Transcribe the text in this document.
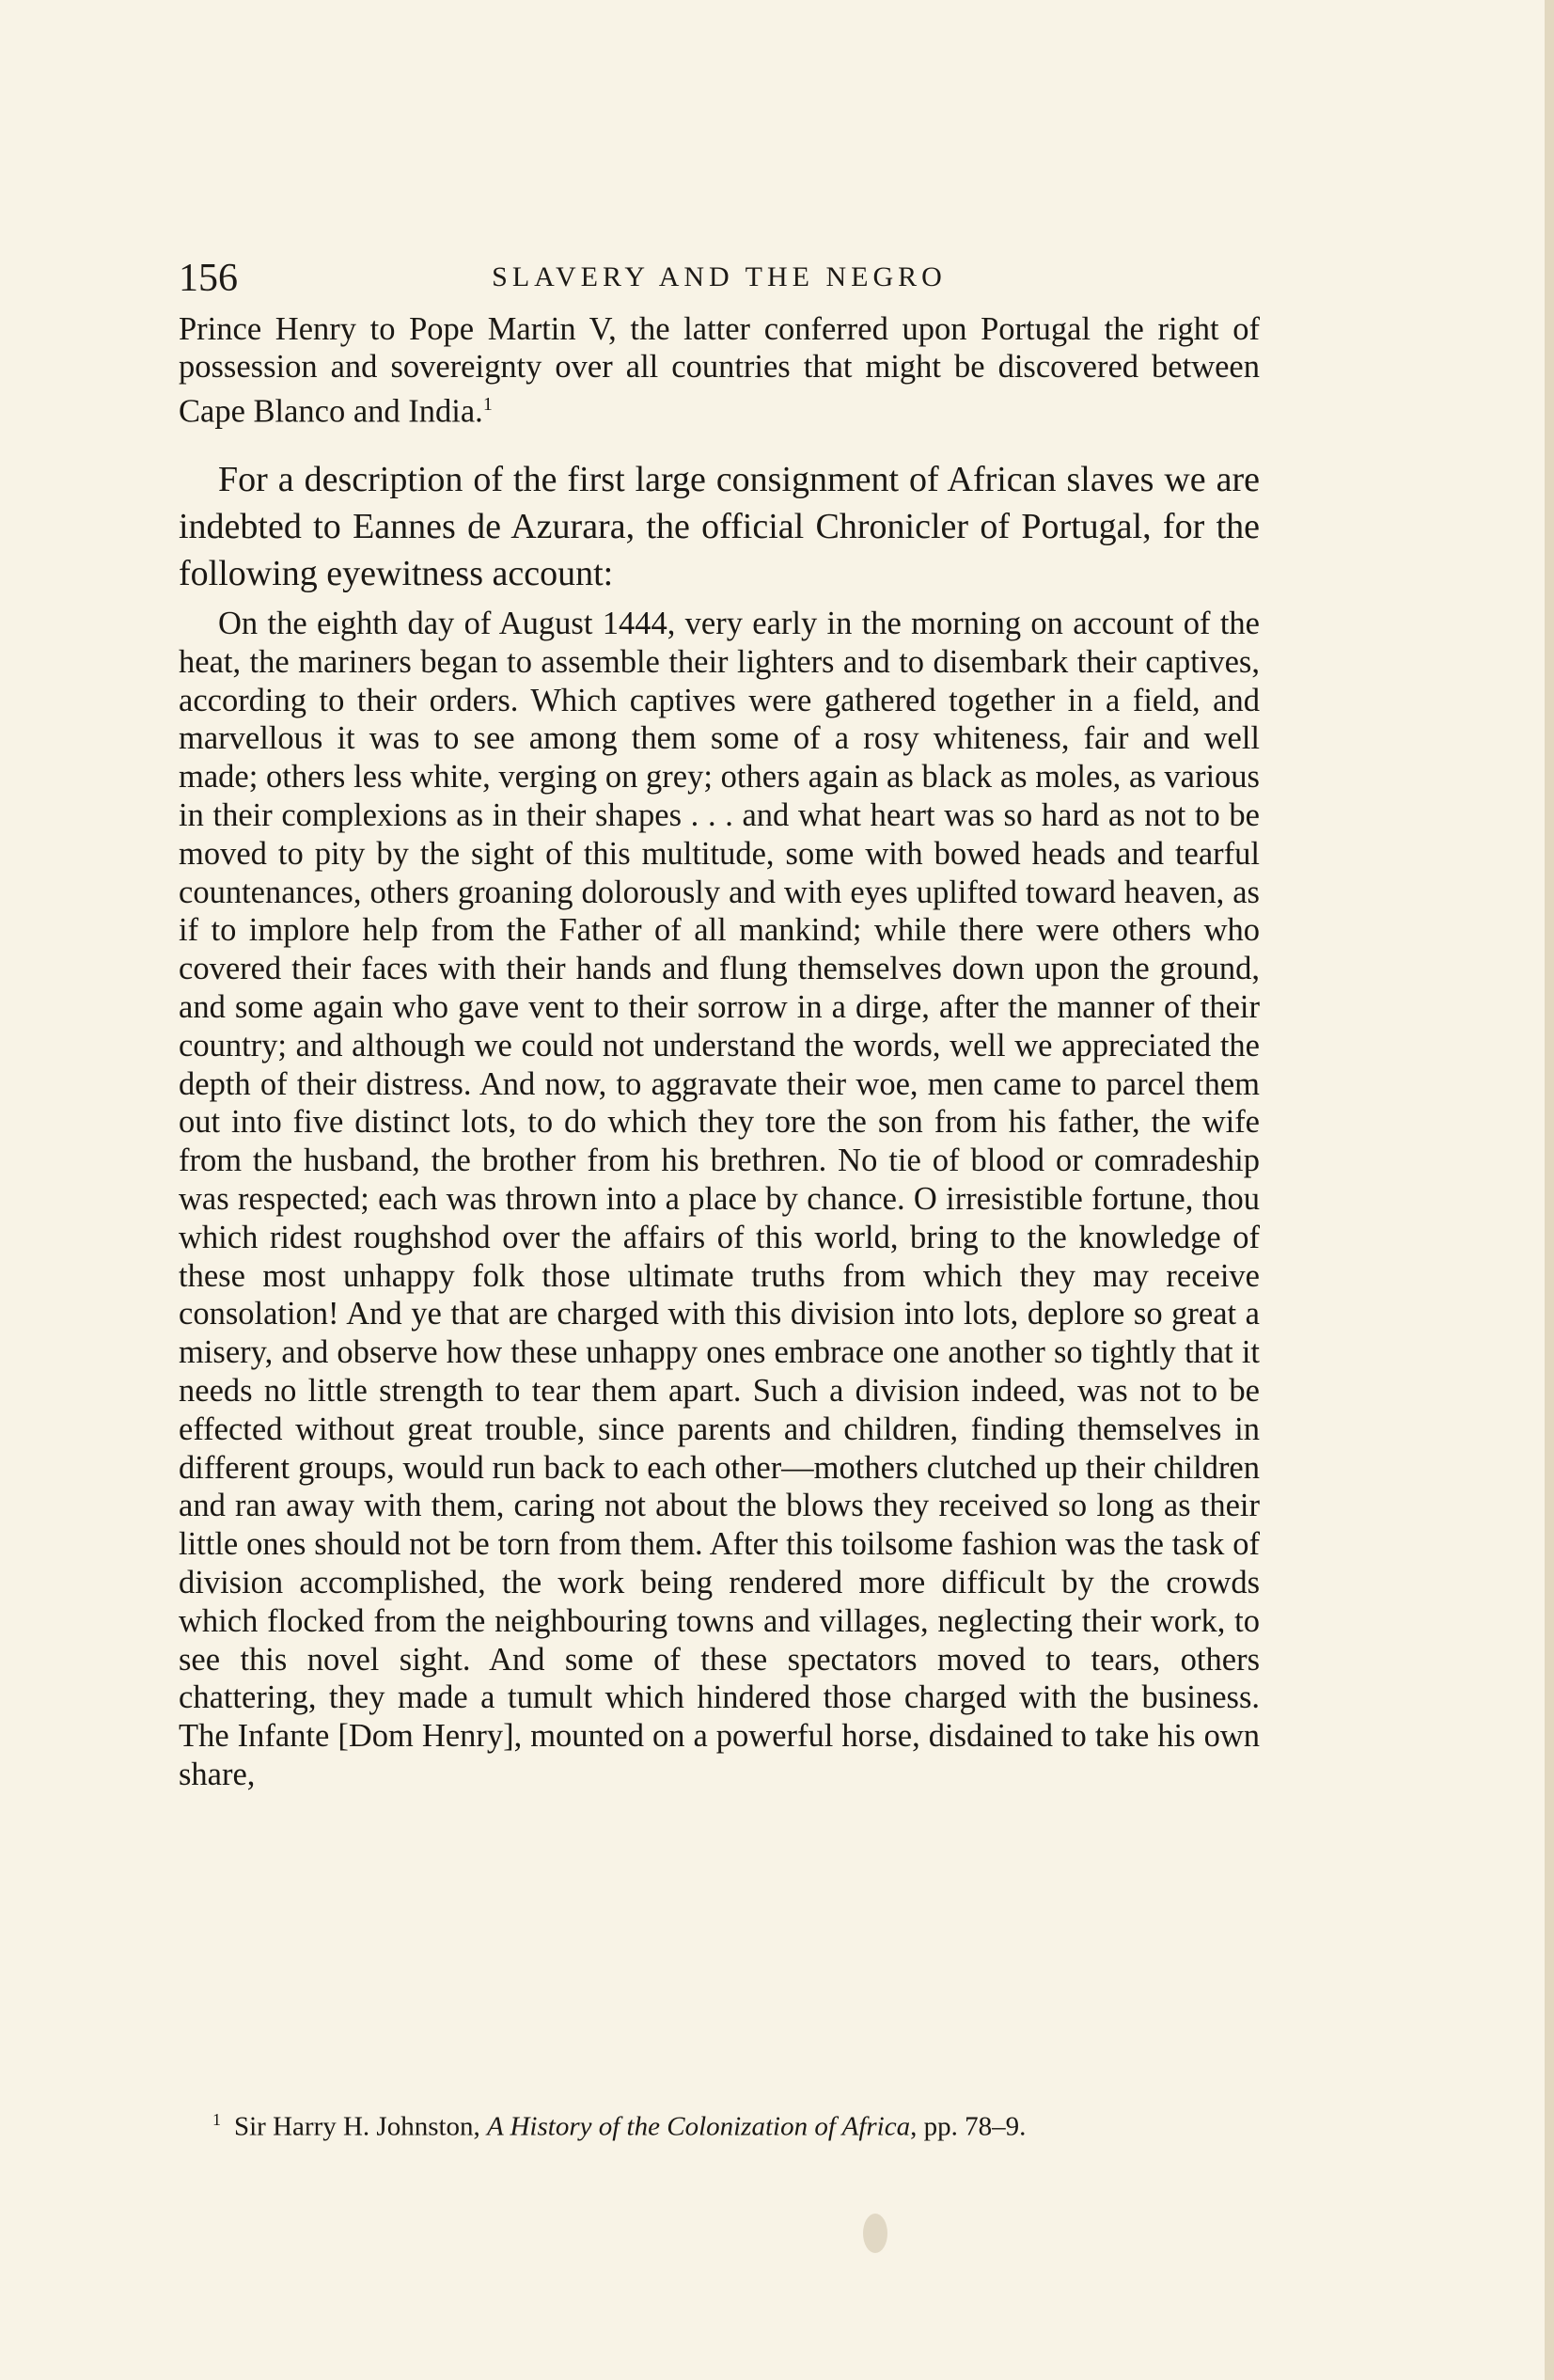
156	SLAVERY AND THE NEGRO

Prince Henry to Pope Martin V, the latter conferred upon Portugal the right of possession and sovereignty over all countries that might be discovered between Cape Blanco and India.$^1$

For a description of the first large consignment of African slaves we are indebted to Eannes de Azurara, the official Chronicler of Portugal, for the following eyewitness account:

On the eighth day of August 1444, very early in the morning on account of the heat, the mariners began to assemble their lighters and to disembark their captives, according to their orders. Which captives were gathered together in a field, and marvellous it was to see among them some of a rosy whiteness, fair and well made; others less white, verging on grey; others again as black as moles, as various in their complexions as in their shapes . . . and what heart was so hard as not to be moved to pity by the sight of this multitude, some with bowed heads and tearful countenances, others groaning dolorously and with eyes uplifted toward heaven, as if to implore help from the Father of all mankind; while there were others who covered their faces with their hands and flung themselves down upon the ground, and some again who gave vent to their sorrow in a dirge, after the manner of their country; and although we could not understand the words, well we appreciated the depth of their distress. And now, to aggravate their woe, men came to parcel them out into five distinct lots, to do which they tore the son from his father, the wife from the husband, the brother from his brethren. No tie of blood or comradeship was respected; each was thrown into a place by chance. O irresistible fortune, thou which ridest roughshod over the affairs of this world, bring to the knowledge of these most unhappy folk those ultimate truths from which they may receive consolation! And ye that are charged with this division into lots, deplore so great a misery, and observe how these unhappy ones embrace one another so tightly that it needs no little strength to tear them apart. Such a division indeed, was not to be effected without great trouble, since parents and children, finding themselves in different groups, would run back to each other—mothers clutched up their children and ran away with them, caring not about the blows they received so long as their little ones should not be torn from them. After this toilsome fashion was the task of division accomplished, the work being rendered more difficult by the crowds which flocked from the neighbouring towns and villages, neglecting their work, to see this novel sight. And some of these spectators moved to tears, others chattering, they made a tumult which hindered those charged with the business. The Infante [Dom Henry], mounted on a powerful horse, disdained to take his own share,

$^1$ Sir Harry H. Johnston, A History of the Colonization of Africa, pp. 78–9.
